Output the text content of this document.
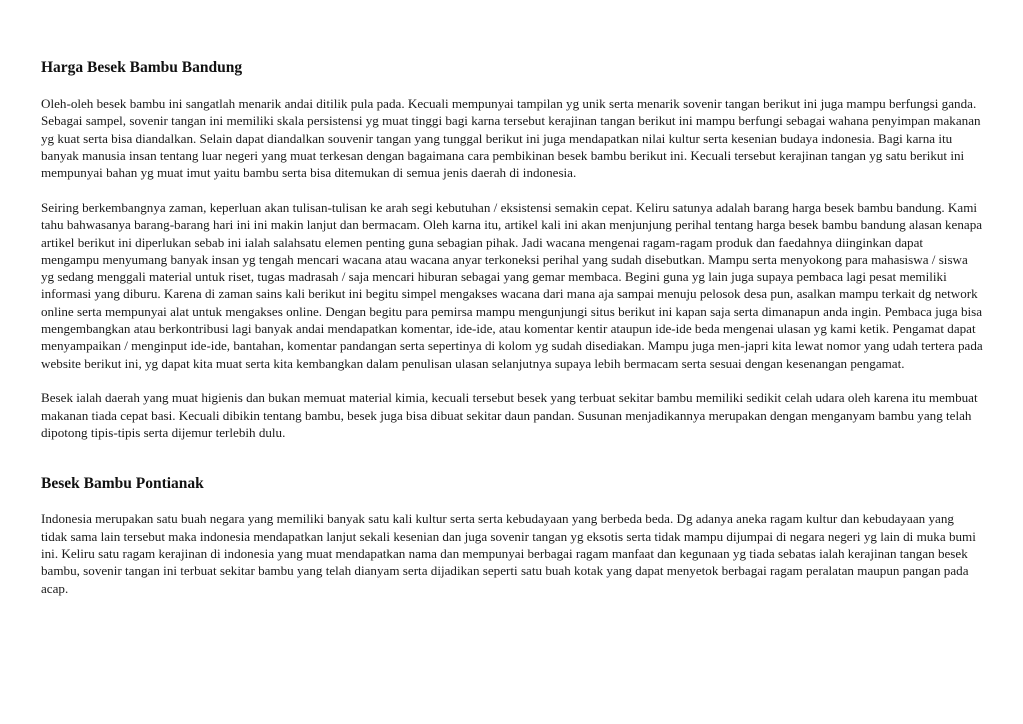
Harga Besek Bambu Bandung

Oleh-oleh besek bambu ini sangatlah menarik andai ditilik pula pada. Kecuali mempunyai tampilan yg unik serta menarik sovenir tangan berikut ini juga mampu berfungsi ganda. Sebagai sampel, sovenir tangan ini memiliki skala persistensi yg muat tinggi bagi karna tersebut kerajinan tangan berikut ini mampu berfungi sebagai wahana penyimpan makanan yg kuat serta bisa diandalkan. Selain dapat diandalkan souvenir tangan yang tunggal berikut ini juga mendapatkan nilai kultur serta kesenian budaya indonesia. Bagi karna itu banyak manusia insan tentang luar negeri yang muat terkesan dengan bagaimana cara pembikinan besek bambu berikut ini. Kecuali tersebut kerajinan tangan yg satu berikut ini mempunyai bahan yg muat imut yaitu bambu serta bisa ditemukan di semua jenis daerah di indonesia.

Seiring berkembangnya zaman, keperluan akan tulisan-tulisan ke arah segi kebutuhan / eksistensi semakin cepat. Keliru satunya adalah barang harga besek bambu bandung. Kami tahu bahwasanya barang-barang hari ini ini makin lanjut dan bermacam. Oleh karna itu, artikel kali ini akan menjunjung perihal tentang harga besek bambu bandung alasan kenapa artikel berikut ini diperlukan sebab ini ialah salahsatu elemen penting guna sebagian pihak. Jadi wacana mengenai ragam-ragam produk dan faedahnya diinginkan dapat mengampu menyumang banyak insan yg tengah mencari wacana atau wacana anyar terkoneksi perihal yang sudah disebutkan. Mampu serta menyokong para mahasiswa / siswa yg sedang menggali material untuk riset, tugas madrasah / saja mencari hiburan sebagai yang gemar membaca. Begini guna yg lain juga supaya pembaca lagi pesat memiliki informasi yang diburu. Karena di zaman sains kali berikut ini begitu simpel mengakses wacana dari mana aja sampai menuju pelosok desa pun, asalkan mampu terkait dg network online serta mempunyai alat untuk mengakses online. Dengan begitu para pemirsa mampu mengunjungi situs berikut ini kapan saja serta dimanapun anda ingin. Pembaca juga bisa mengembangkan atau berkontribusi lagi banyak andai mendapatkan komentar, ide-ide, atau komentar kentir ataupun ide-ide beda mengenai ulasan yg kami ketik. Pengamat dapat menyampaikan / menginput ide-ide, bantahan, komentar pandangan serta sepertinya di kolom yg sudah disediakan. Mampu juga men-japri kita lewat nomor yang udah tertera pada website berikut ini, yg dapat kita muat serta kita kembangkan dalam penulisan ulasan selanjutnya supaya lebih bermacam serta sesuai dengan kesenangan pengamat.

Besek ialah daerah yang muat higienis dan bukan memuat material kimia, kecuali tersebut besek yang terbuat sekitar bambu memiliki sedikit celah udara oleh karena itu membuat makanan tiada cepat basi. Kecuali dibikin tentang bambu, besek juga bisa dibuat sekitar daun pandan. Susunan menjadikannya merupakan dengan menganyam bambu yang telah dipotong tipis-tipis serta dijemur terlebih dulu.

Besek Bambu Pontianak

Indonesia merupakan satu buah negara yang memiliki banyak satu kali kultur serta serta kebudayaan yang berbeda beda. Dg adanya aneka ragam kultur dan kebudayaan yang tidak sama lain tersebut maka indonesia mendapatkan lanjut sekali kesenian dan juga sovenir tangan yg eksotis serta tidak mampu dijumpai di negara negeri yg lain di muka bumi ini. Keliru satu ragam kerajinan di indonesia yang muat mendapatkan nama dan mempunyai berbagai ragam manfaat dan kegunaan yg tiada sebatas ialah kerajinan tangan besek bambu, sovenir tangan ini terbuat sekitar bambu yang telah dianyam serta dijadikan seperti satu buah kotak yang dapat menyetok berbagai ragam peralatan maupun pangan pada acap.
